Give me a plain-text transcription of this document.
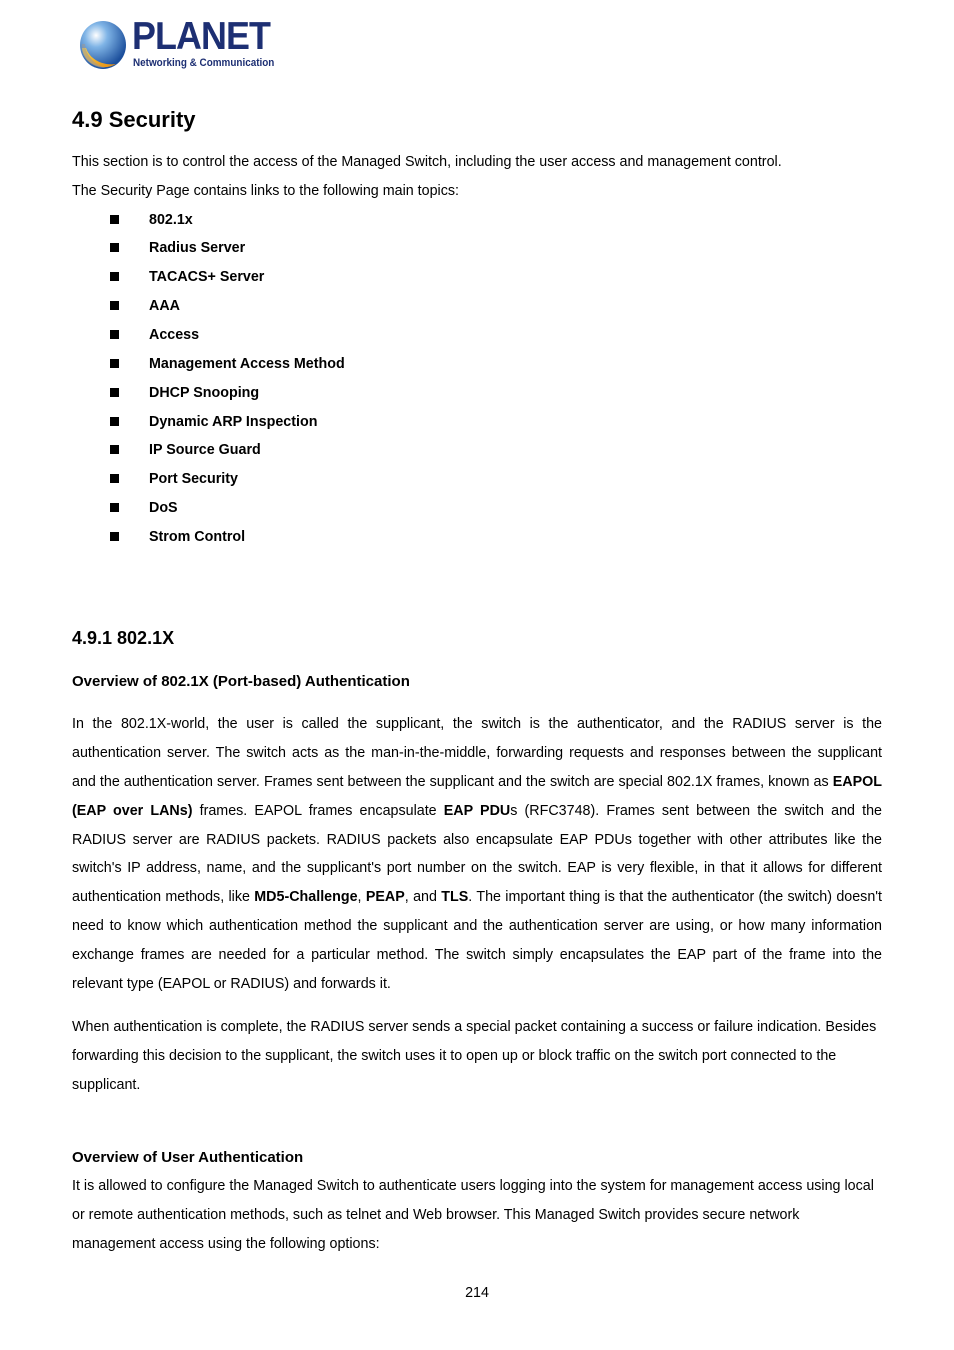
PLANET
Networking & Communication
4.9 Security
This section is to control the access of the Managed Switch, including the user access and management control.
The Security Page contains links to the following main topics:
802.1x
Radius Server
TACACS+ Server
AAA
Access
Management Access Method
DHCP Snooping
Dynamic ARP Inspection
IP Source Guard
Port Security
DoS
Strom Control
4.9.1 802.1X
Overview of 802.1X (Port-based) Authentication
In the 802.1X-world, the user is called the supplicant, the switch is the authenticator, and the RADIUS server is the
authentication server. The switch acts as the man-in-the-middle, forwarding requests and responses between the supplicant
and the authentication server. Frames sent between the supplicant and the switch are special 802.1X frames, known as EAPOL
(EAP over LANs) frames. EAPOL frames encapsulate EAP PDUs (RFC3748). Frames sent between the switch and the
RADIUS server are RADIUS packets. RADIUS packets also encapsulate EAP PDUs together with other attributes like the
switch's IP address, name, and the supplicant's port number on the switch. EAP is very flexible, in that it allows for different
authentication methods, like MD5-Challenge, PEAP, and TLS. The important thing is that the authenticator (the switch) doesn't
need to know which authentication method the supplicant and the authentication server are using, or how many information
exchange frames are needed for a particular method. The switch simply encapsulates the EAP part of the frame into the
relevant type (EAPOL or RADIUS) and forwards it.
When authentication is complete, the RADIUS server sends a special packet containing a success or failure indication. Besides
forwarding this decision to the supplicant, the switch uses it to open up or block traffic on the switch port connected to the
supplicant.
Overview of User Authentication
It is allowed to configure the Managed Switch to authenticate users logging into the system for management access using local
or remote authentication methods, such as telnet and Web browser. This Managed Switch provides secure network
management access using the following options:
214
